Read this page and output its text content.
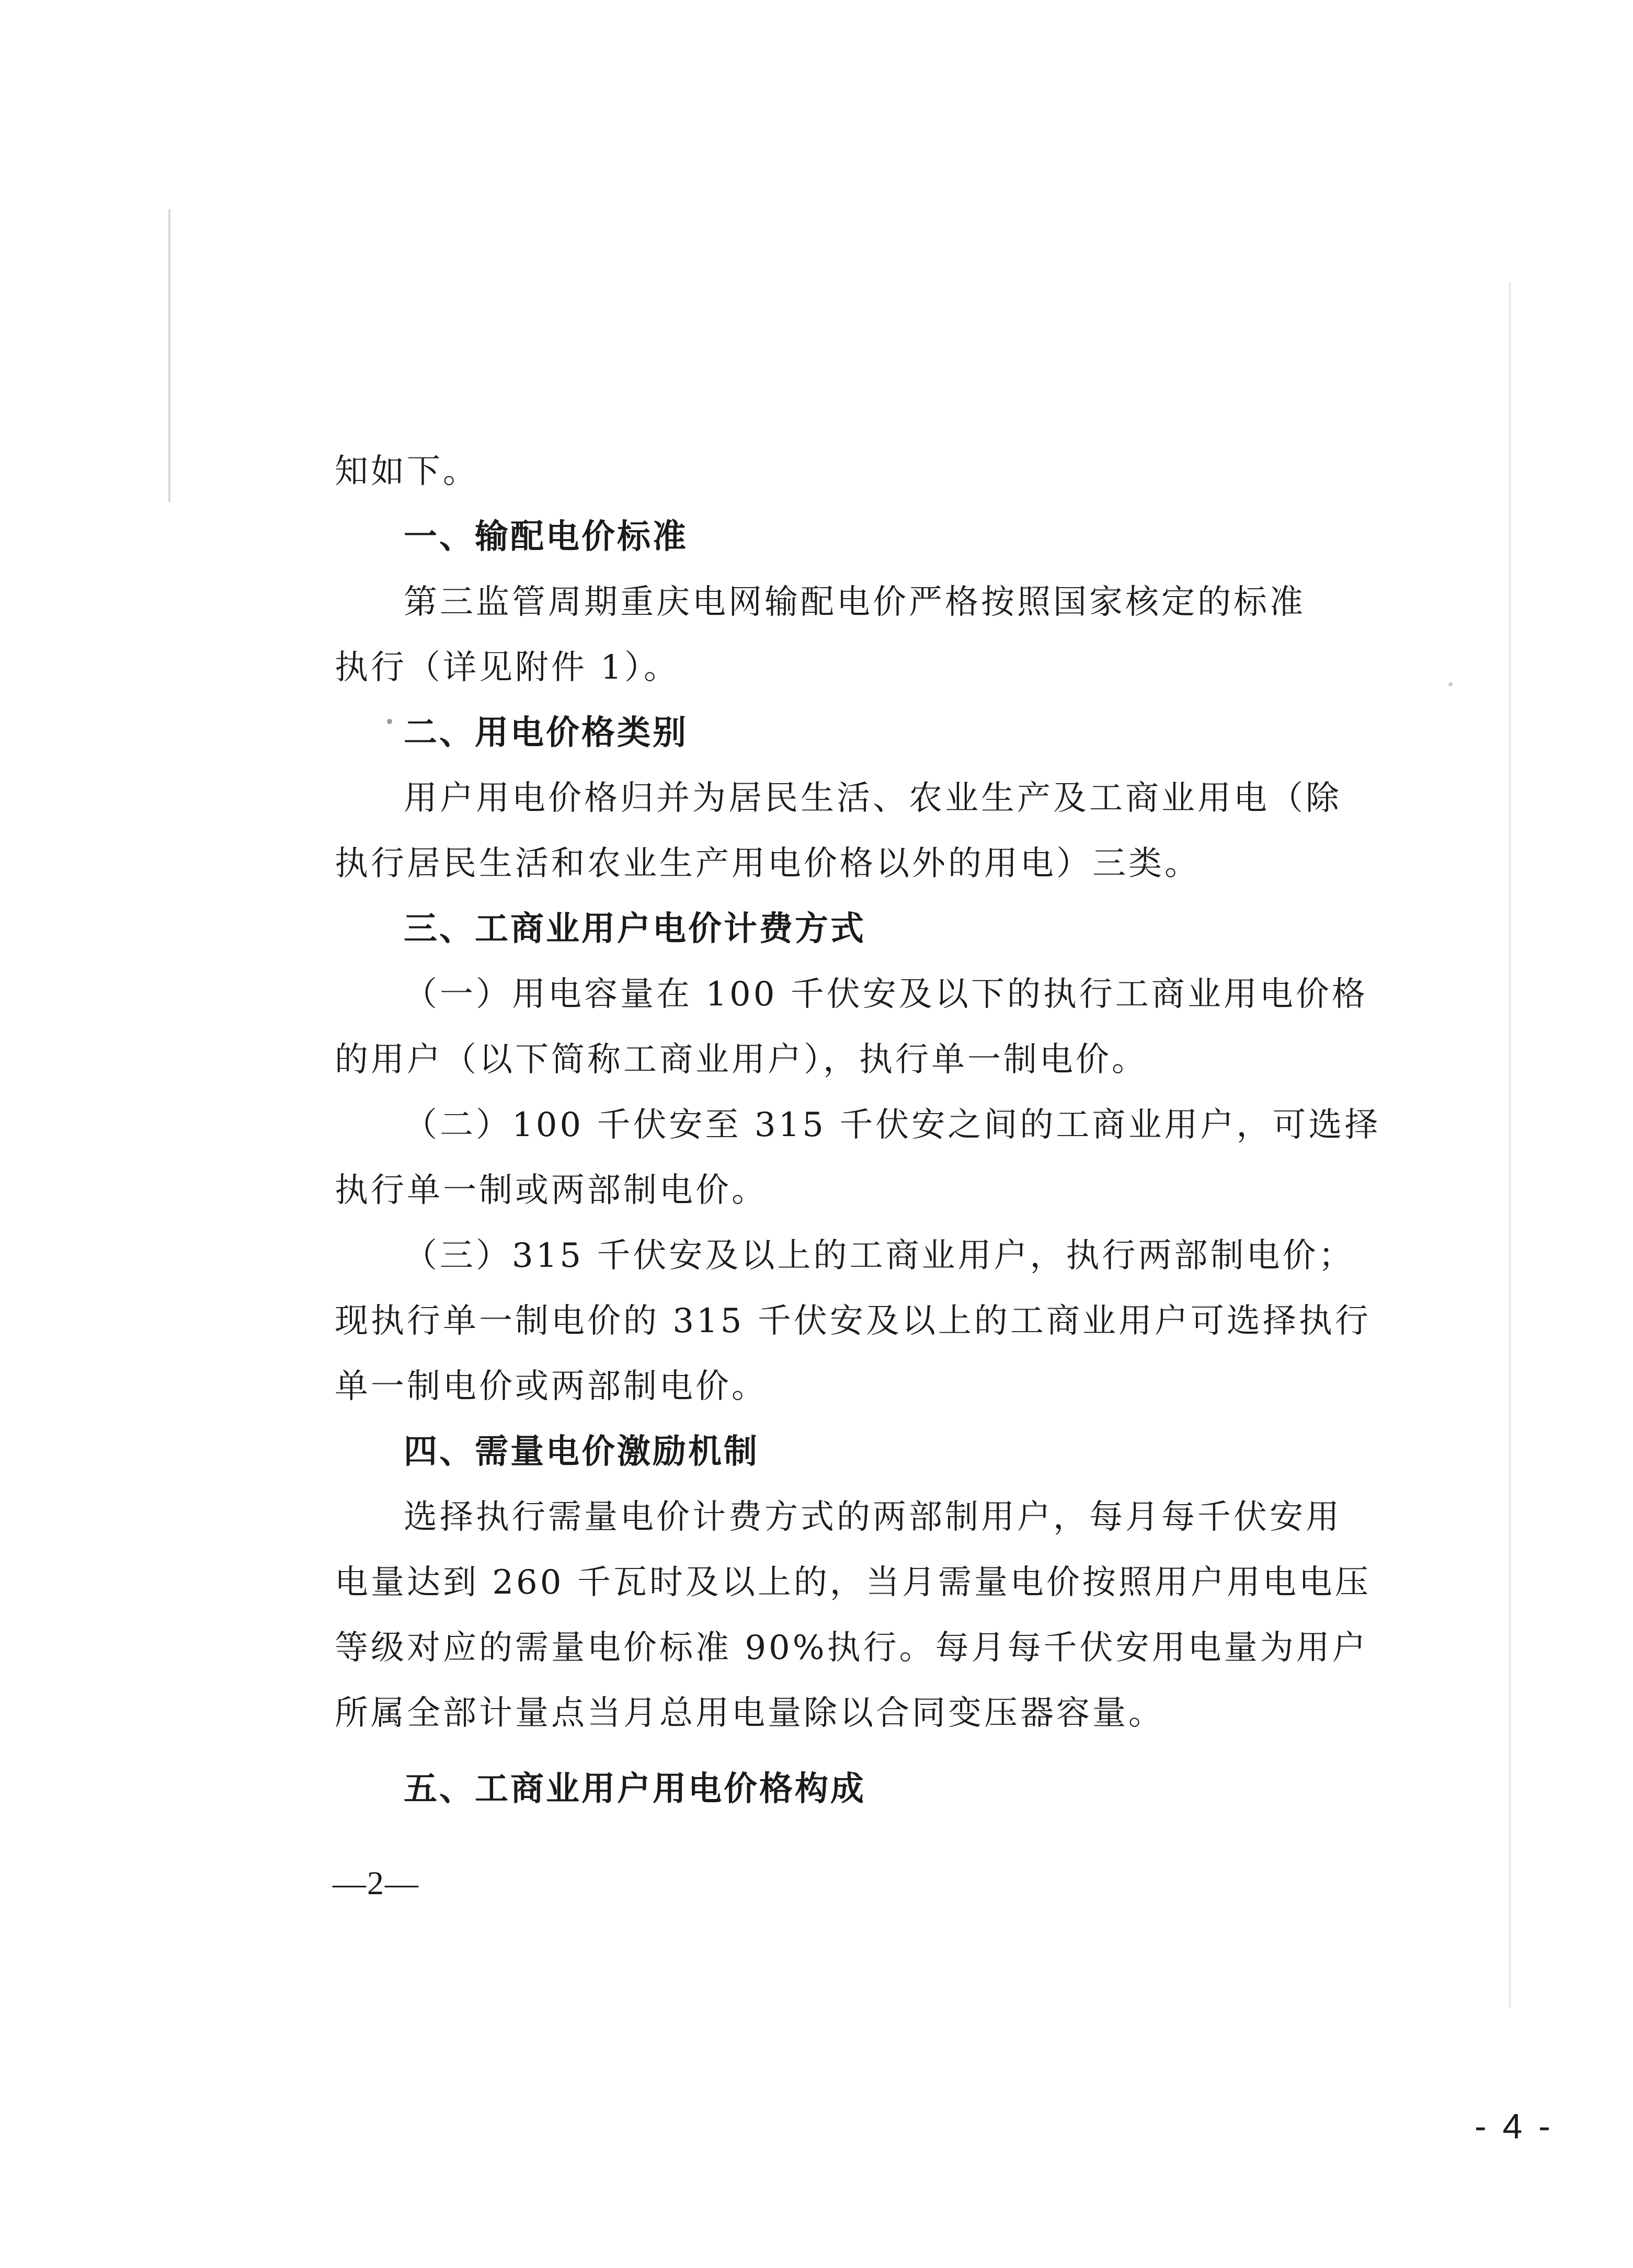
知如下。
一、输配电价标准
第三监管周期重庆电网输配电价严格按照国家核定的标准
执行（详见附件 1）。
二、用电价格类别
用户用电价格归并为居民生活、农业生产及工商业用电（除
执行居民生活和农业生产用电价格以外的用电）三类。
三、工商业用户电价计费方式
（一）用电容量在 100 千伏安及以下的执行工商业用电价格
的用户（以下简称工商业用户），执行单一制电价。
（二）100 千伏安至 315 千伏安之间的工商业用户，可选择
执行单一制或两部制电价。
（三）315 千伏安及以上的工商业用户，执行两部制电价；
现执行单一制电价的 315 千伏安及以上的工商业用户可选择执行
单一制电价或两部制电价。
四、需量电价激励机制
选择执行需量电价计费方式的两部制用户，每月每千伏安用
电量达到 260 千瓦时及以上的，当月需量电价按照用户用电电压
等级对应的需量电价标准 90%执行。每月每千伏安用电量为用户
所属全部计量点当月总用电量除以合同变压器容量。
五、工商业用户用电价格构成
—2—
- 4 -
